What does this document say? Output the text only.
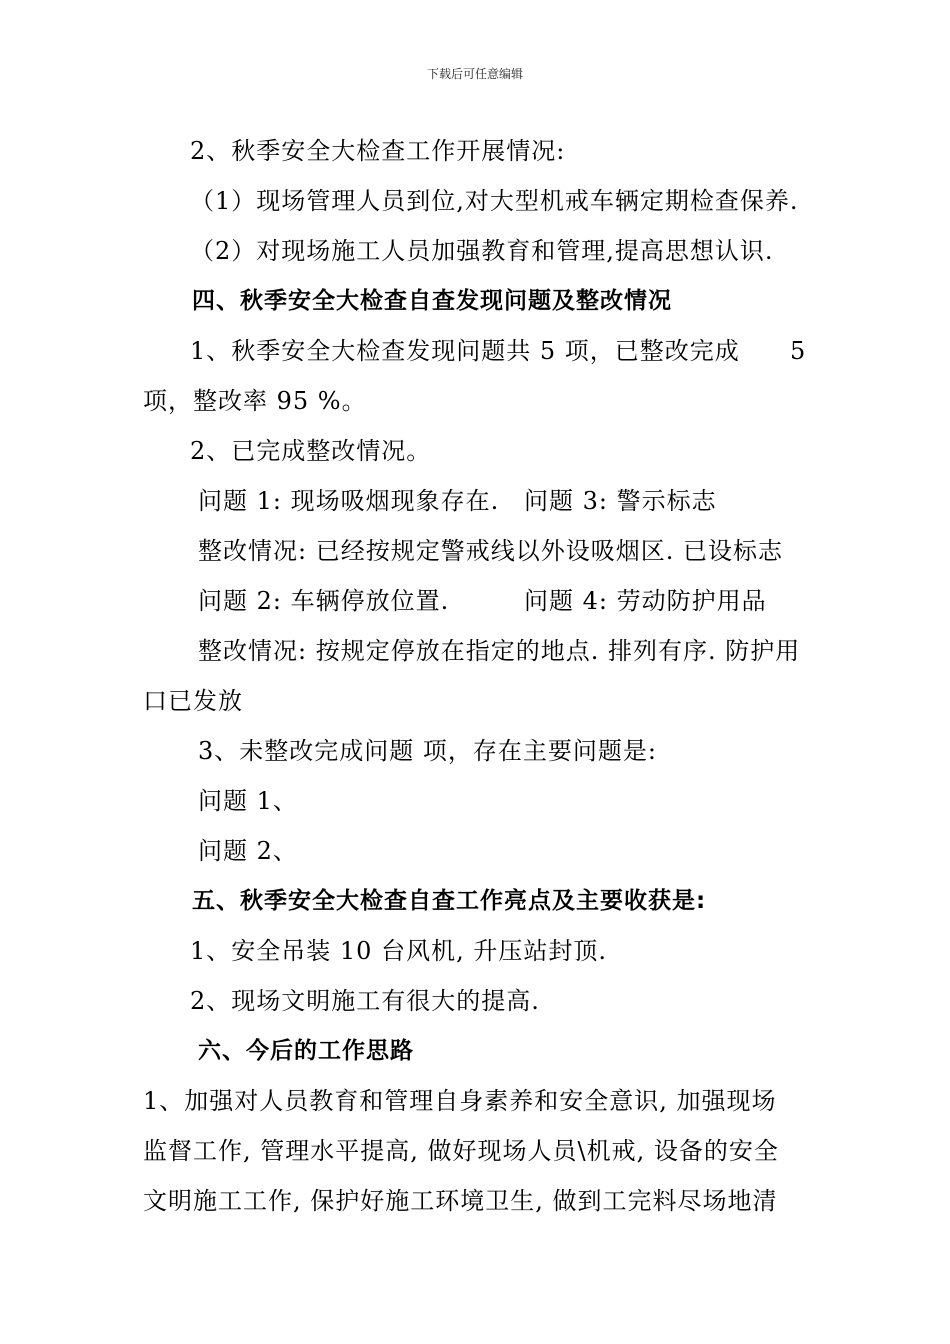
下载后可任意编辑
2、秋季安全大检查工作开展情况:
（1）现场管理人员到位,对大型机戒车辆定期检查保养.
（2）对现场施工人员加强教育和管理,提高思想认识.
四、秋季安全大检查自查发现问题及整改情况
1、秋季安全大检查发现问题共 5 项，已整改完成 5
项，整改率 95 %。
2、已完成整改情况。
问题 1: 现场吸烟现象存在. 问题 3: 警示标志
整改情况: 已经按规定警戒线以外设吸烟区. 已设标志
问题 2: 车辆停放位置.	问题 4: 劳动防护用品
整改情况: 按规定停放在指定的地点. 排列有序. 防护用
口已发放
3、未整改完成问题 项，存在主要问题是:
问题 1、
问题 2、
五、秋季安全大检查自查工作亮点及主要收获是:
1、安全吊装 10 台风机, 升压站封顶.
2、现场文明施工有很大的提高.
六、今后的工作思路
1、加强对人员教育和管理自身素养和安全意识, 加强现场
监督工作, 管理水平提高, 做好现场人员\机戒, 设备的安全
文明施工工作, 保护好施工环境卫生, 做到工完料尽场地清
